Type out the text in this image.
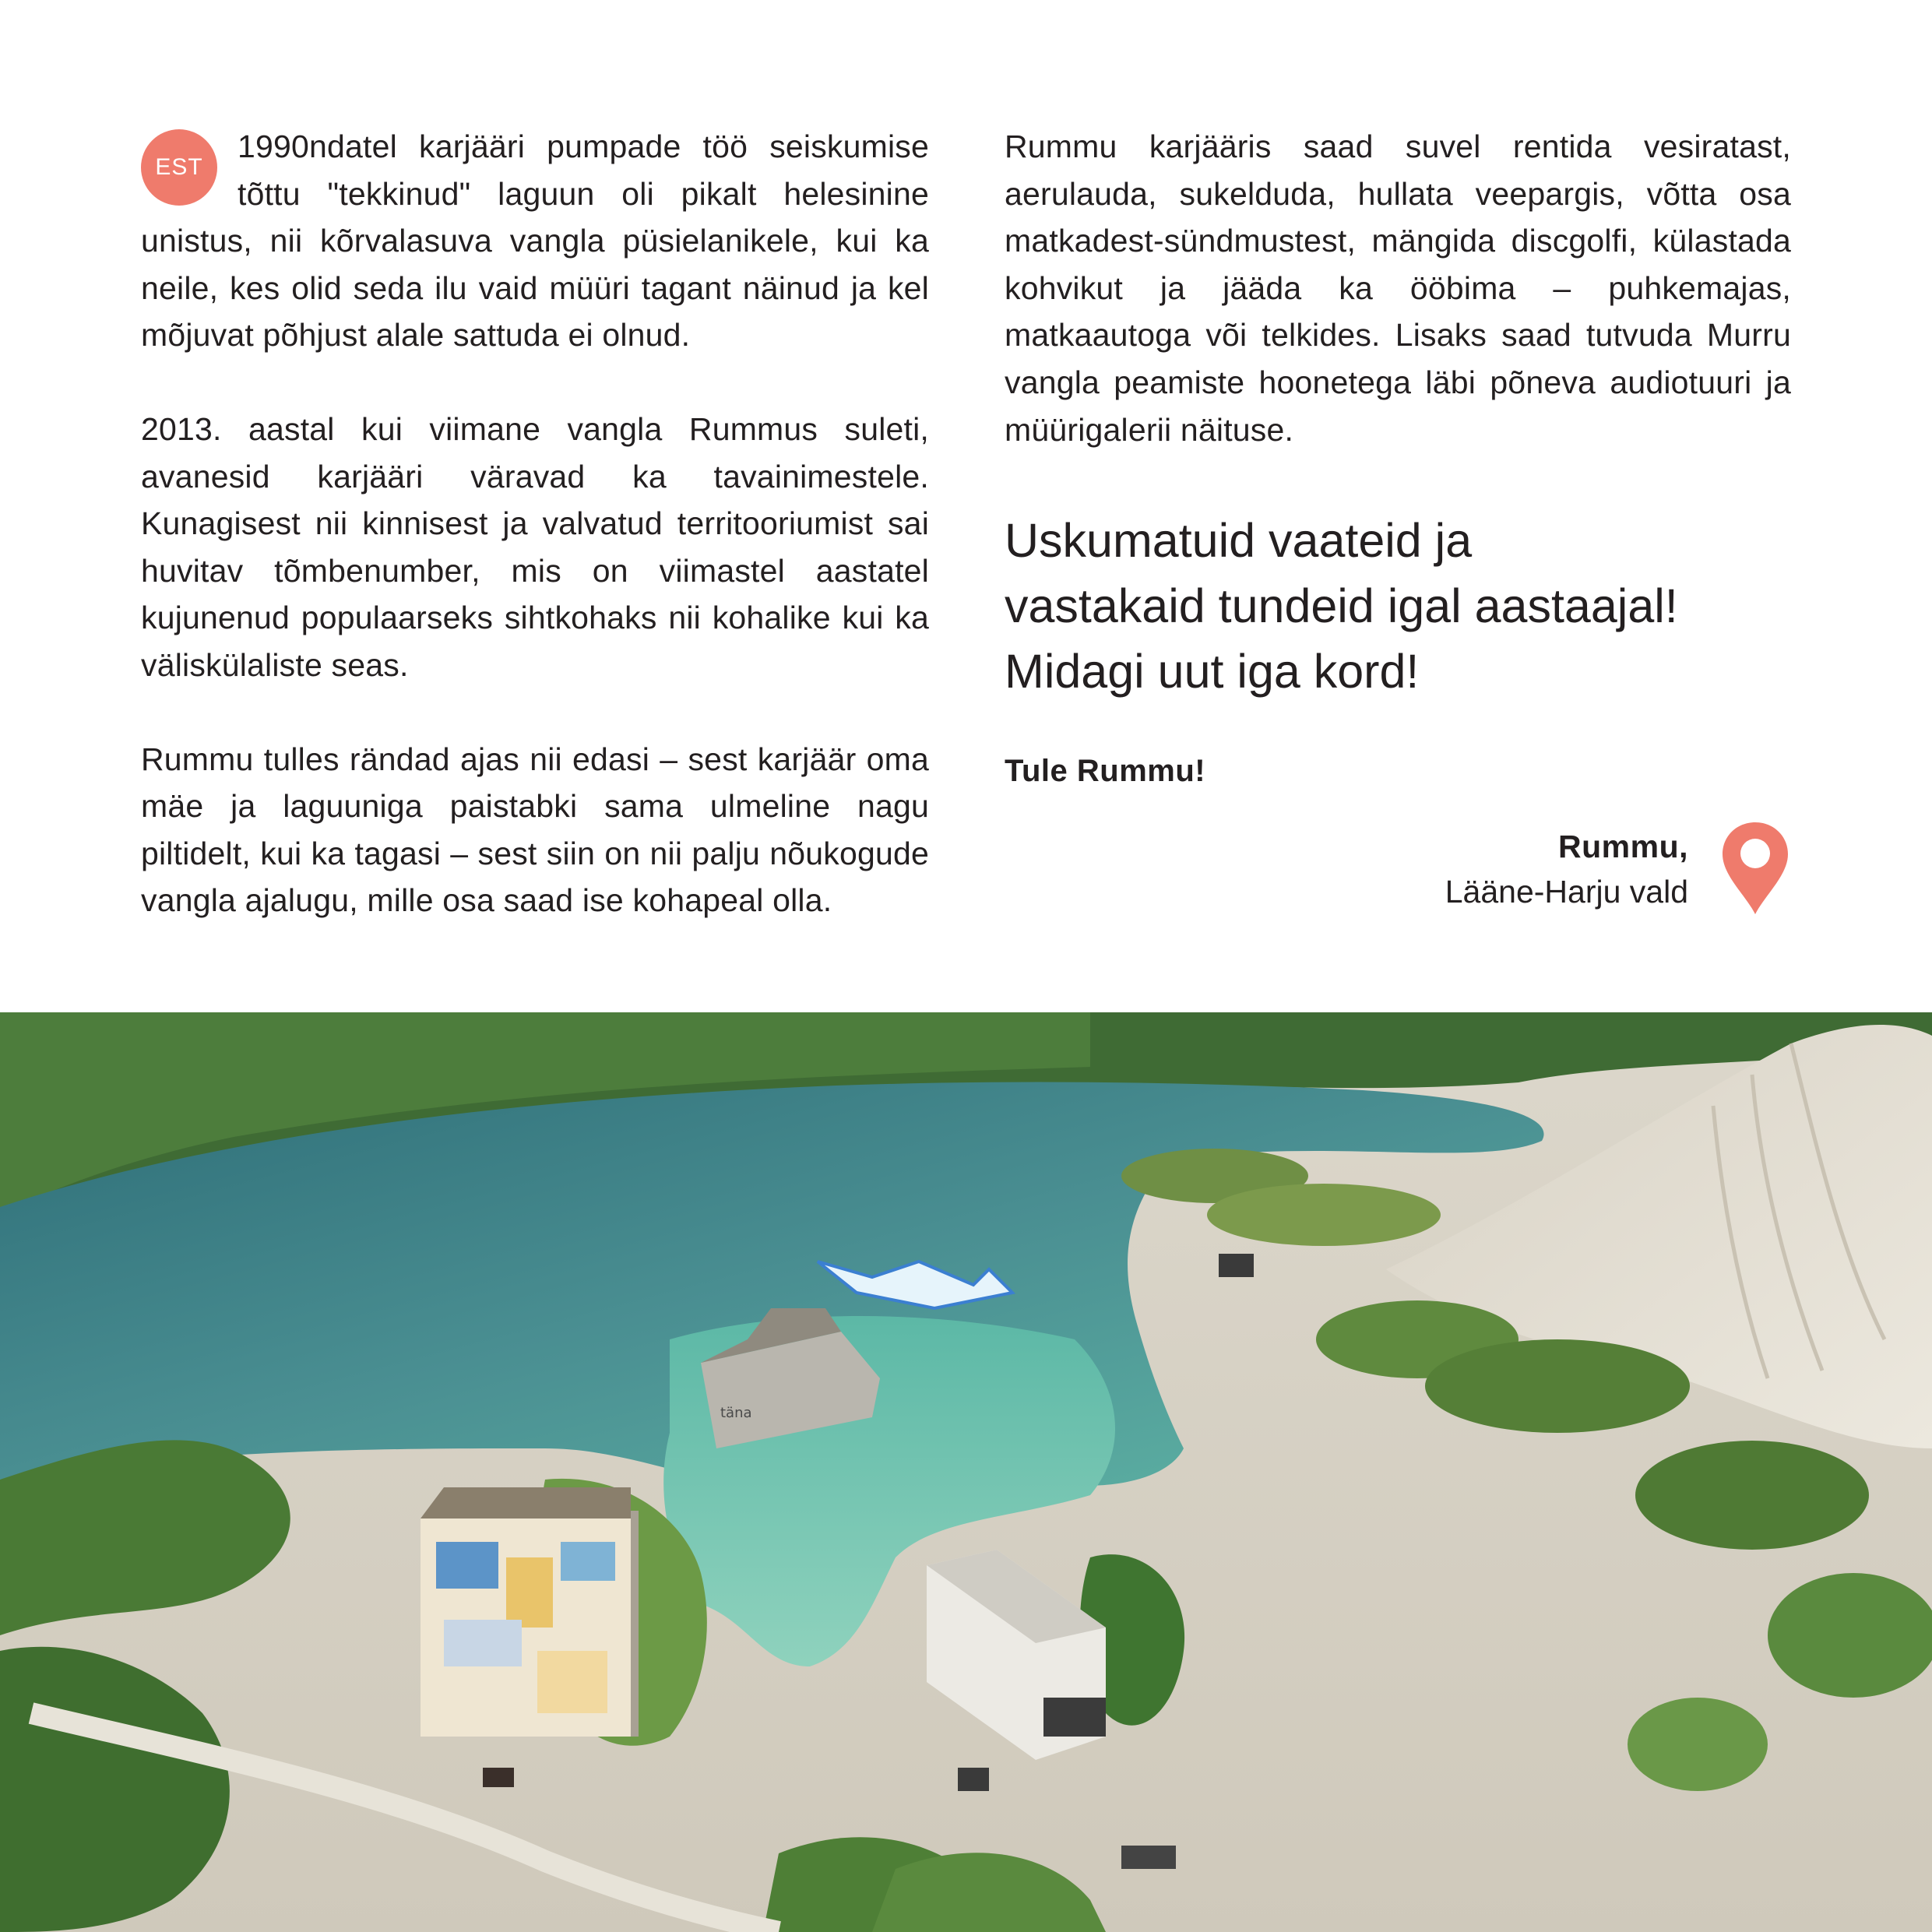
EST
1990ndatel karjääri pumpade töö seiskumise tõttu "tekkinud" laguun oli pikalt helesinine unistus, nii kõrvalasuva vangla püsielanikele, kui ka neile, kes olid seda ilu vaid müüri tagant näinud ja kel mõjuvat põhjust alale sattuda ei olnud.

2013. aastal kui viimane vangla Rummus suleti, avanesid karjääri väravad ka tavainimestele. Kunagisest nii kinnisest ja valvatud territooriumist sai huvitav tõmbenumber, mis on viimastel aastatel kujunenud populaarseks sihtkohaks nii kohalike kui ka väliskülaliste seas.

Rummu tulles rändad ajas nii edasi – sest karjäär oma mäe ja laguuniga paistabki sama ulmeline nagu piltidelt, kui ka tagasi – sest siin on nii palju nõukogude vangla ajalugu, mille osa saad ise kohapeal olla.

Rummu karjääris saad suvel rentida vesiratast, aerulauda, sukelduda, hullata veepargis, võtta osa matkadest-sündmustest, mängida discgolfi, külastada kohvikut ja jääda ka ööbima – puhkemajas, matkaautoga või telkides. Lisaks saad tutvuda Murru vangla peamiste hoonetega läbi põneva audiotuuri ja müürigalerii näituse.

Uskumatuid vaateid ja
vastakaid tundeid igal aastaajal!
Midagi uut iga kord!
Tule Rummu!
Rummu,
Lääne-Harju vald
täna
